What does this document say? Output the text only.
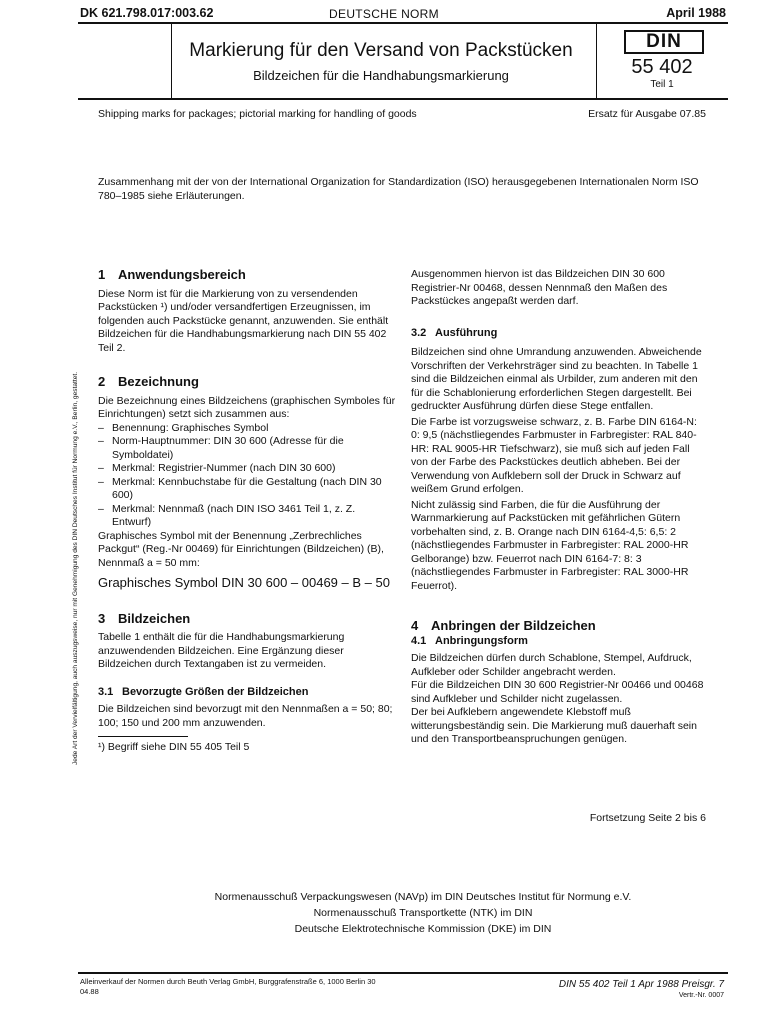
DK 621.798.017:003.62	DEUTSCHE NORM	April 1988
Markierung für den Versand von Packstücken
Bildzeichen für die Handhabungsmarkierung
DIN
55 402
Teil 1
Shipping marks for packages; pictorial marking for handling of goods	Ersatz für Ausgabe 07.85
Zusammenhang mit der von der International Organization for Standardization (ISO) herausgegebenen Internationalen Norm ISO 780–1985 siehe Erläuterungen.
Jede Art der Vervielfältigung, auch auszugsweise, nur mit Genehmigung des DIN Deutsches Institut für Normung e.V., Berlin, gestattet.
1 Anwendungsbereich

Diese Norm ist für die Markierung von zu versendenden Packstücken ¹) und/oder versandfertigen Erzeugnissen, im folgenden auch Packstücke genannt, anzuwenden. Sie enthält Bildzeichen für die Handhabungsmarkierung nach DIN 55 402 Teil 2.

2 Bezeichnung

Die Bezeichnung eines Bildzeichens (graphischen Symboles für Einrichtungen) setzt sich zusammen aus:

– Benennung: Graphisches Symbol
– Norm-Hauptnummer: DIN 30 600 (Adresse für die Symboldatei)
– Merkmal: Registrier-Nummer (nach DIN 30 600)
– Merkmal: Kennbuchstabe für die Gestaltung (nach DIN 30 600)
– Merkmal: Nennmaß (nach DIN ISO 3461 Teil 1, z. Z. Entwurf)

Graphisches Symbol mit der Benennung „Zerbrechliches Packgut“ (Reg.-Nr 00469) für Einrichtungen (Bildzeichen) (B), Nennmaß a = 50 mm:

Graphisches Symbol DIN 30 600 – 00469 – B – 50

3 Bildzeichen

Tabelle 1 enthält die für die Handhabungsmarkierung anzuwendenden Bildzeichen. Eine Ergänzung dieser Bildzeichen durch Textangaben ist zu vermeiden.

3.1 Bevorzugte Größen der Bildzeichen

Die Bildzeichen sind bevorzugt mit den Nennmaßen a = 50; 80; 100; 150 und 200 mm anzuwenden.

¹) Begriff siehe DIN 55 405 Teil 5

Ausgenommen hiervon ist das Bildzeichen DIN 30 600 Registrier-Nr 00468, dessen Nennmaß den Maßen des Packstückes angepaßt werden darf.

3.2 Ausführung

Bildzeichen sind ohne Umrandung anzuwenden. Abweichende Vorschriften der Verkehrsträger sind zu beachten. In Tabelle 1 sind die Bildzeichen einmal als Urbilder, zum anderen mit den für die Schablonierung erforderlichen Stegen dargestellt. Bei gedruckter Ausführung dürfen diese Stege entfallen.

Die Farbe ist vorzugsweise schwarz, z. B. Farbe DIN 6164-N: 0: 9,5 (nächstliegendes Farbmuster in Farbregister: RAL 840-HR: RAL 9005-HR Tiefschwarz), sie muß sich auf jeden Fall von der Farbe des Packstückes deutlich abheben. Bei der Verwendung von Aufklebern soll der Druck in Schwarz auf weißem Grund erfolgen.

Nicht zulässig sind Farben, die für die Ausführung der Warnmarkierung auf Packstücken mit gefährlichen Gütern vorbehalten sind, z. B. Orange nach DIN 6164-4,5: 6,5: 2 (nächstliegendes Farbmuster in Farbregister: RAL 2000-HR Gelborange) bzw. Feuerrot nach DIN 6164-7: 8: 3 (nächstliegendes Farbmuster in Farbregister: RAL 3000-HR Feuerrot).

4 Anbringen der Bildzeichen
4.1 Anbringungsform

Die Bildzeichen dürfen durch Schablone, Stempel, Aufdruck, Aufkleber oder Schilder angebracht werden.

Für die Bildzeichen DIN 30 600 Registrier-Nr 00466 und 00468 sind Aufkleber und Schilder nicht zugelassen.

Der bei Aufklebern angewendete Klebstoff muß witterungsbeständig sein. Die Markierung muß dauerhaft sein und den Transportbeanspruchungen genügen.

Fortsetzung Seite 2 bis 6
Normenausschuß Verpackungswesen (NAVp) im DIN Deutsches Institut für Normung e.V.
Normenausschuß Transportkette (NTK) im DIN
Deutsche Elektrotechnische Kommission (DKE) im DIN
Alleinverkauf der Normen durch Beuth Verlag GmbH, Burggrafenstraße 6, 1000 Berlin 30
04.88
DIN 55 402 Teil 1 Apr 1988 Preisgr. 7
Vertr.-Nr. 0007
